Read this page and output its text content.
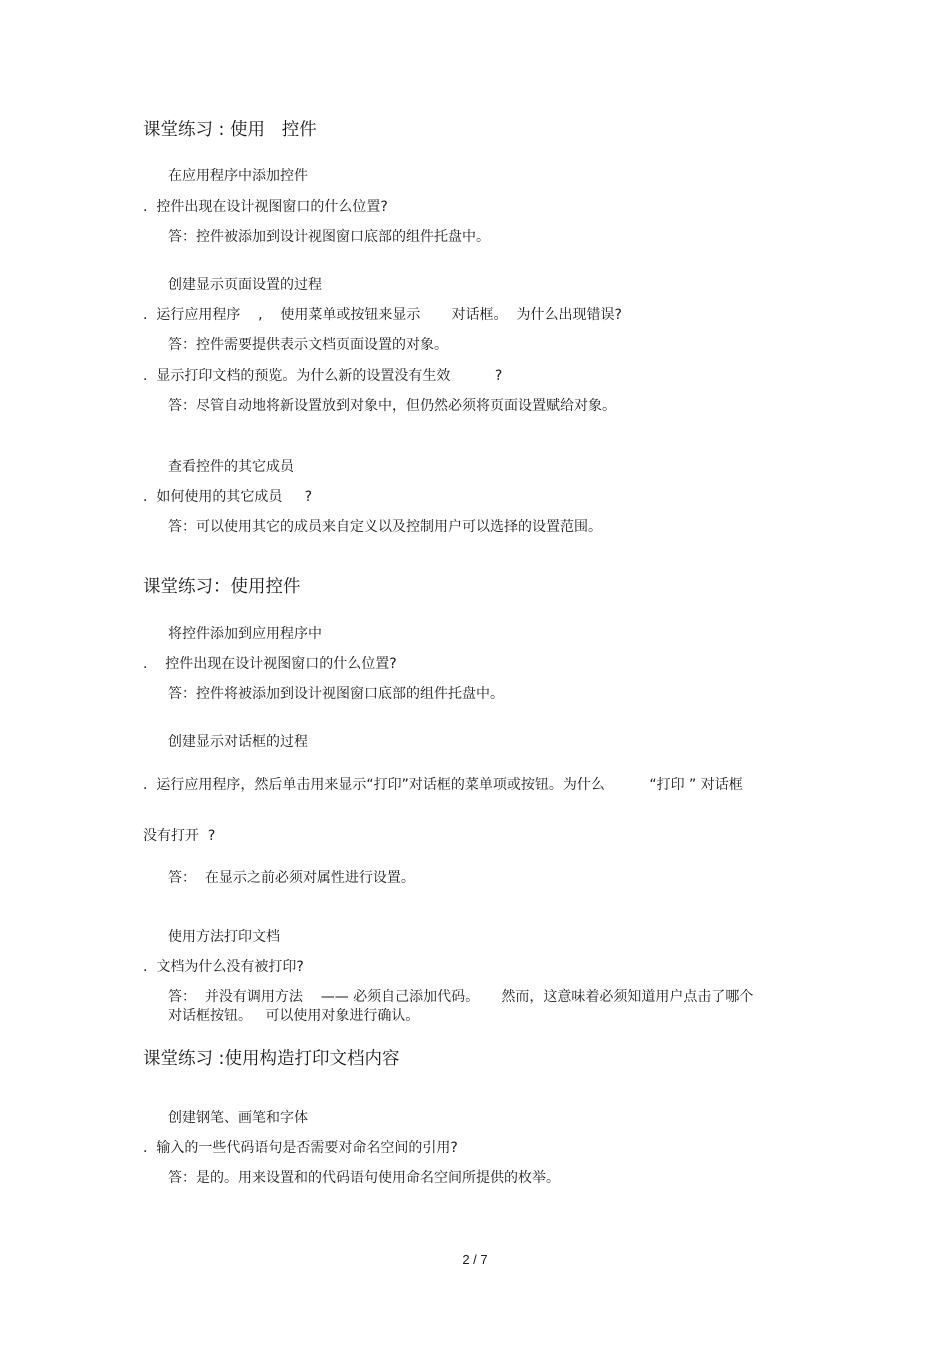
课堂练习 : 使用   控件
在应用程序中添加控件
.  控件出现在设计视图窗口的什么位置?
答：控件被添加到设计视图窗口底部的组件托盘中。
创建显示页面设置的过程
.  运行应用程序    ,    使用菜单或按钮来显示       对话框。  为什么出现错误?
答：控件需要提供表示文档页面设置的对象。
.  显示打印文档的预览。为什么新的设置没有生效          ?
答：尽管自动地将新设置放到对象中，但仍然必须将页面设置赋给对象。
查看控件的其它成员
.  如何使用的其它成员     ?
答：可以使用其它的成员来自定义以及控制用户可以选择的设置范围。
课堂练习：使用控件
将控件添加到应用程序中
.    控件出现在设计视图窗口的什么位置?
答：控件将被添加到设计视图窗口底部的组件托盘中。
创建显示对话框的过程
.  运行应用程序，然后单击用来显示“打印”对话框的菜单项或按钮。为什么          “打印 ” 对话框
没有打开  ?
答：  在显示之前必须对属性进行设置。
使用方法打印文档
.  文档为什么没有被打印?
答：  并没有调用方法    —— 必须自己添加代码。     然而，这意味着必须知道用户点击了哪个
对话框按钮。   可以使用对象进行确认。
课堂练习 :使用构造打印文档内容
创建钢笔、画笔和字体
.  输入的一些代码语句是否需要对命名空间的引用?
答：是的。用来设置和的代码语句使用命名空间所提供的枚举。
2 / 7
